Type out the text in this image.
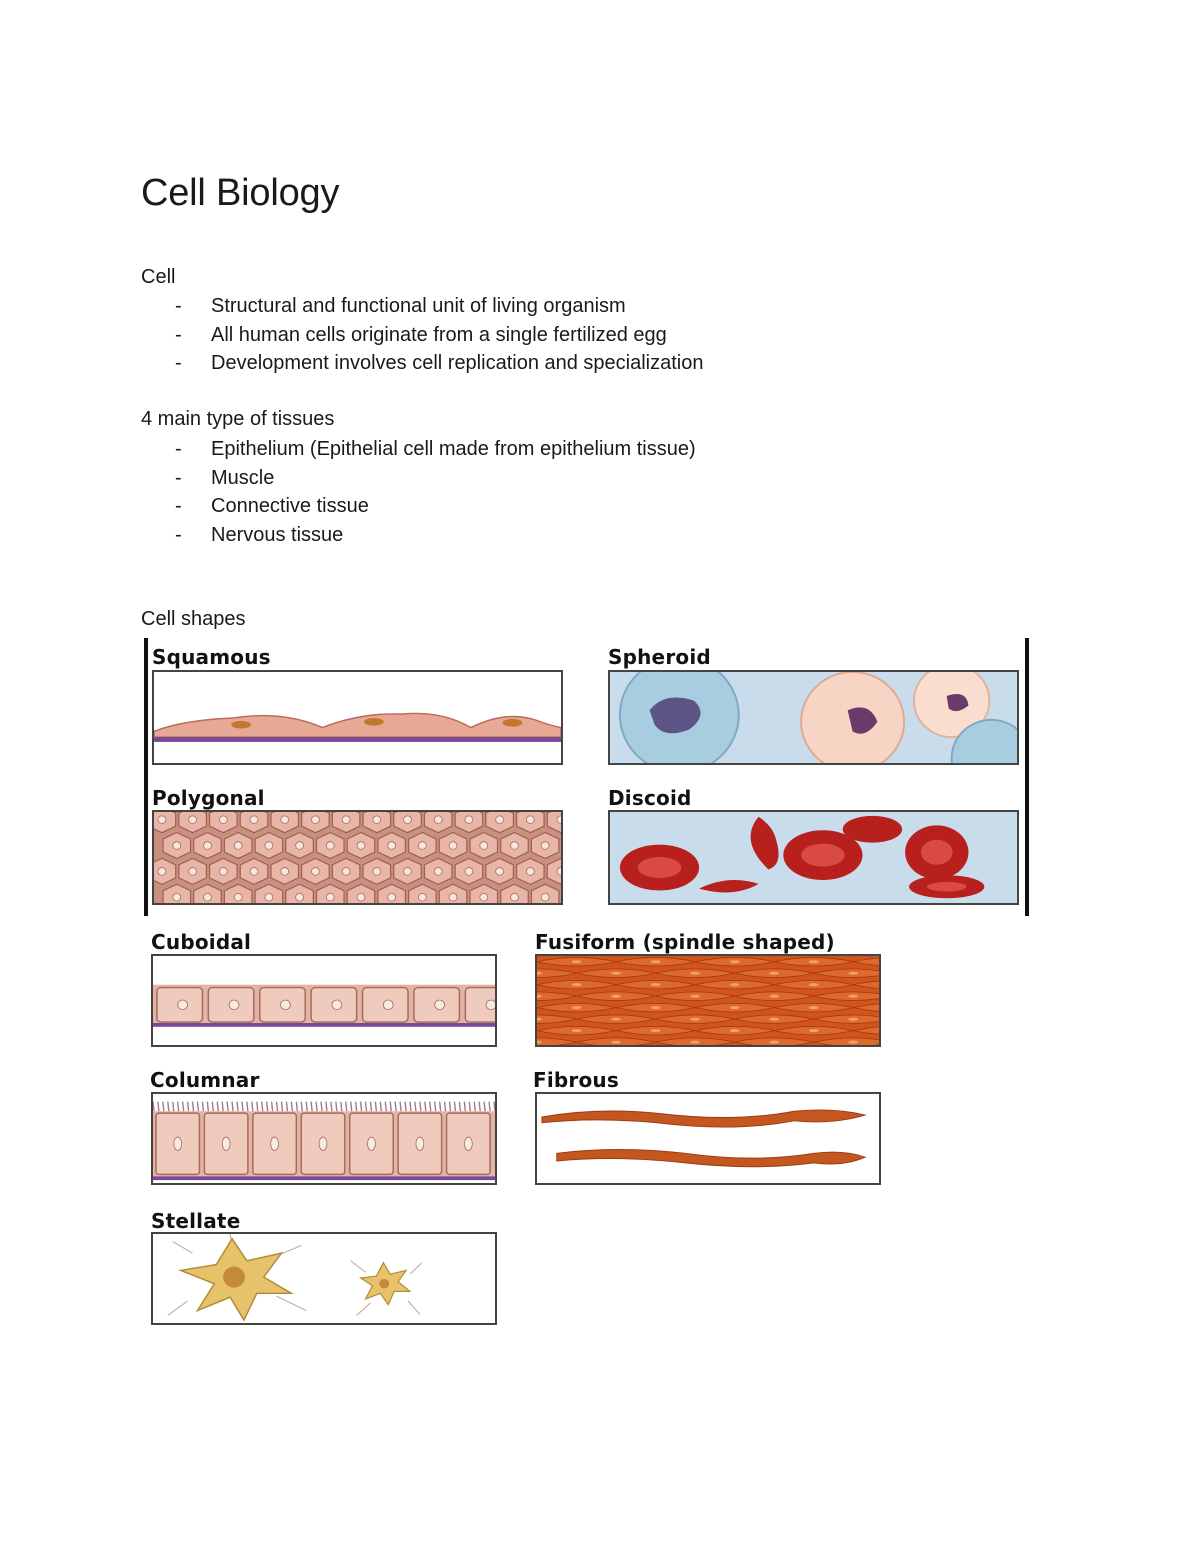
Cell Biology
Cell
- Structural and functional unit of living organism
- All human cells originate from a single fertilized egg
- Development involves cell replication and specialization
4 main type of tissues
- Epithelium (Epithelial cell made from epithelium tissue)
- Muscle
- Connective tissue
- Nervous tissue
Cell shapes
Squamous	Spheroid
Polygonal	Discoid
Cuboidal	Fusiform (spindle shaped)
Columnar	Fibrous
Stellate
